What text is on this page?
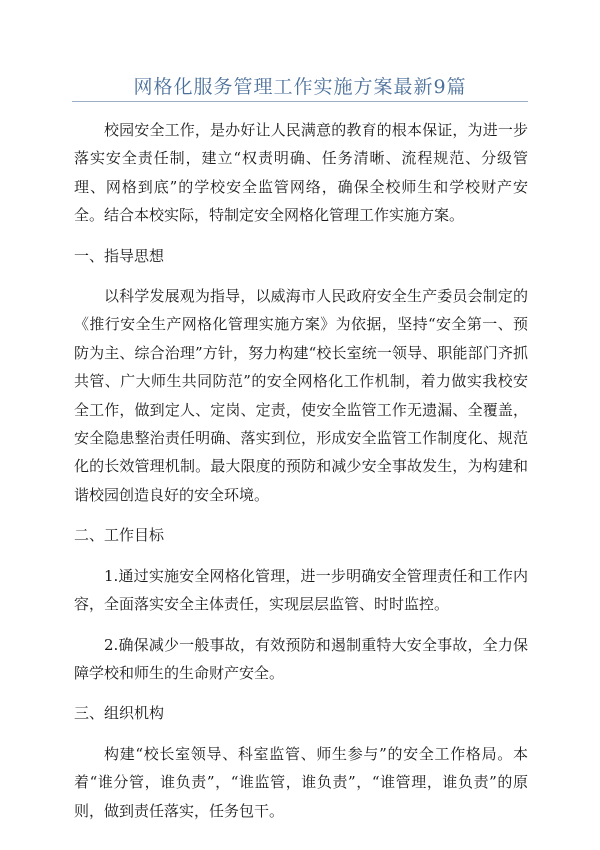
网格化服务管理工作实施方案最新9篇

校园安全工作，是办好让人民满意的教育的根本保证，为进一步落实安全责任制，建立“权责明确、任务清晰、流程规范、分级管理、网格到底”的学校安全监管网络，确保全校师生和学校财产安全。结合本校实际，特制定安全网格化管理工作实施方案。

一、指导思想

以科学发展观为指导，以威海市人民政府安全生产委员会制定的《推行安全生产网格化管理实施方案》为依据，坚持“安全第一、预防为主、综合治理”方针，努力构建“校长室统一领导、职能部门齐抓共管、广大师生共同防范”的安全网格化工作机制，着力做实我校安全工作，做到定人、定岗、定责，使安全监管工作无遗漏、全覆盖，安全隐患整治责任明确、落实到位，形成安全监管工作制度化、规范化的长效管理机制。最大限度的预防和减少安全事故发生，为构建和谐校园创造良好的安全环境。

二、工作目标

1.通过实施安全网格化管理，进一步明确安全管理责任和工作内容，全面落实安全主体责任，实现层层监管、时时监控。

2.确保减少一般事故，有效预防和遏制重特大安全事故，全力保障学校和师生的生命财产安全。

三、组织机构

构建“校长室领导、科室监管、师生参与”的安全工作格局。本着“谁分管，谁负责”，“谁监管，谁负责”，“谁管理，谁负责”的原则，做到责任落实，任务包干。
